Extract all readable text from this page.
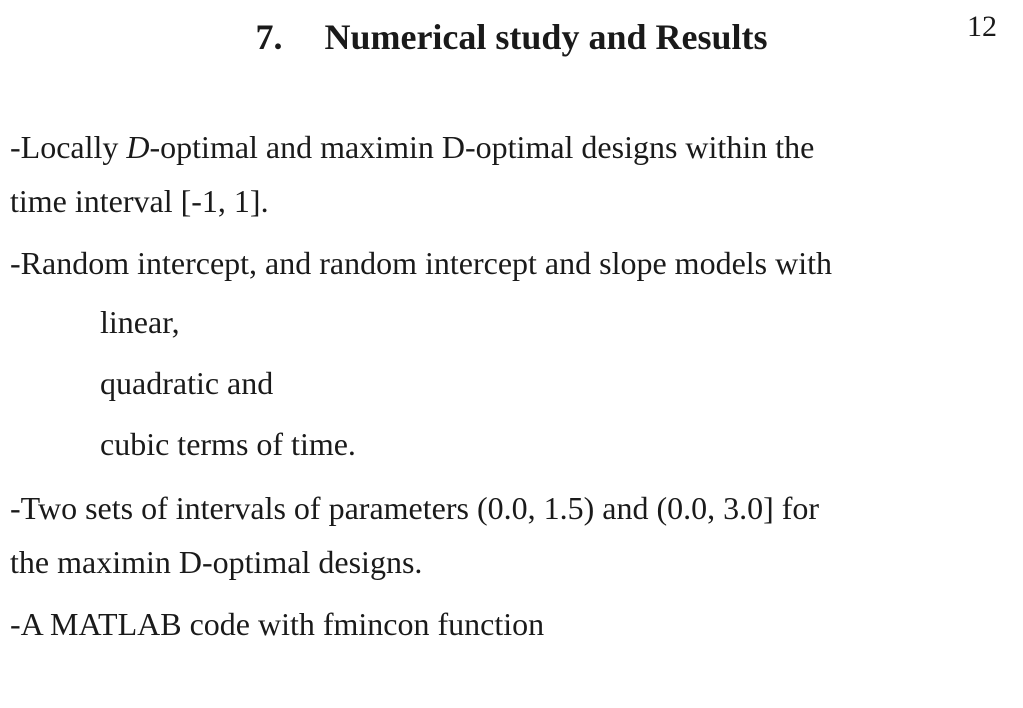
12
7. Numerical study and Results

-Locally D-optimal and maximin D-optimal designs within the
time interval [-1, 1].

-Random intercept, and random intercept and slope models with

linear,

quadratic and

cubic terms of time.

-Two sets of intervals of parameters (0.0, 1.5) and (0.0, 3.0] for
the maximin D-optimal designs.

-A MATLAB code with fmincon function
